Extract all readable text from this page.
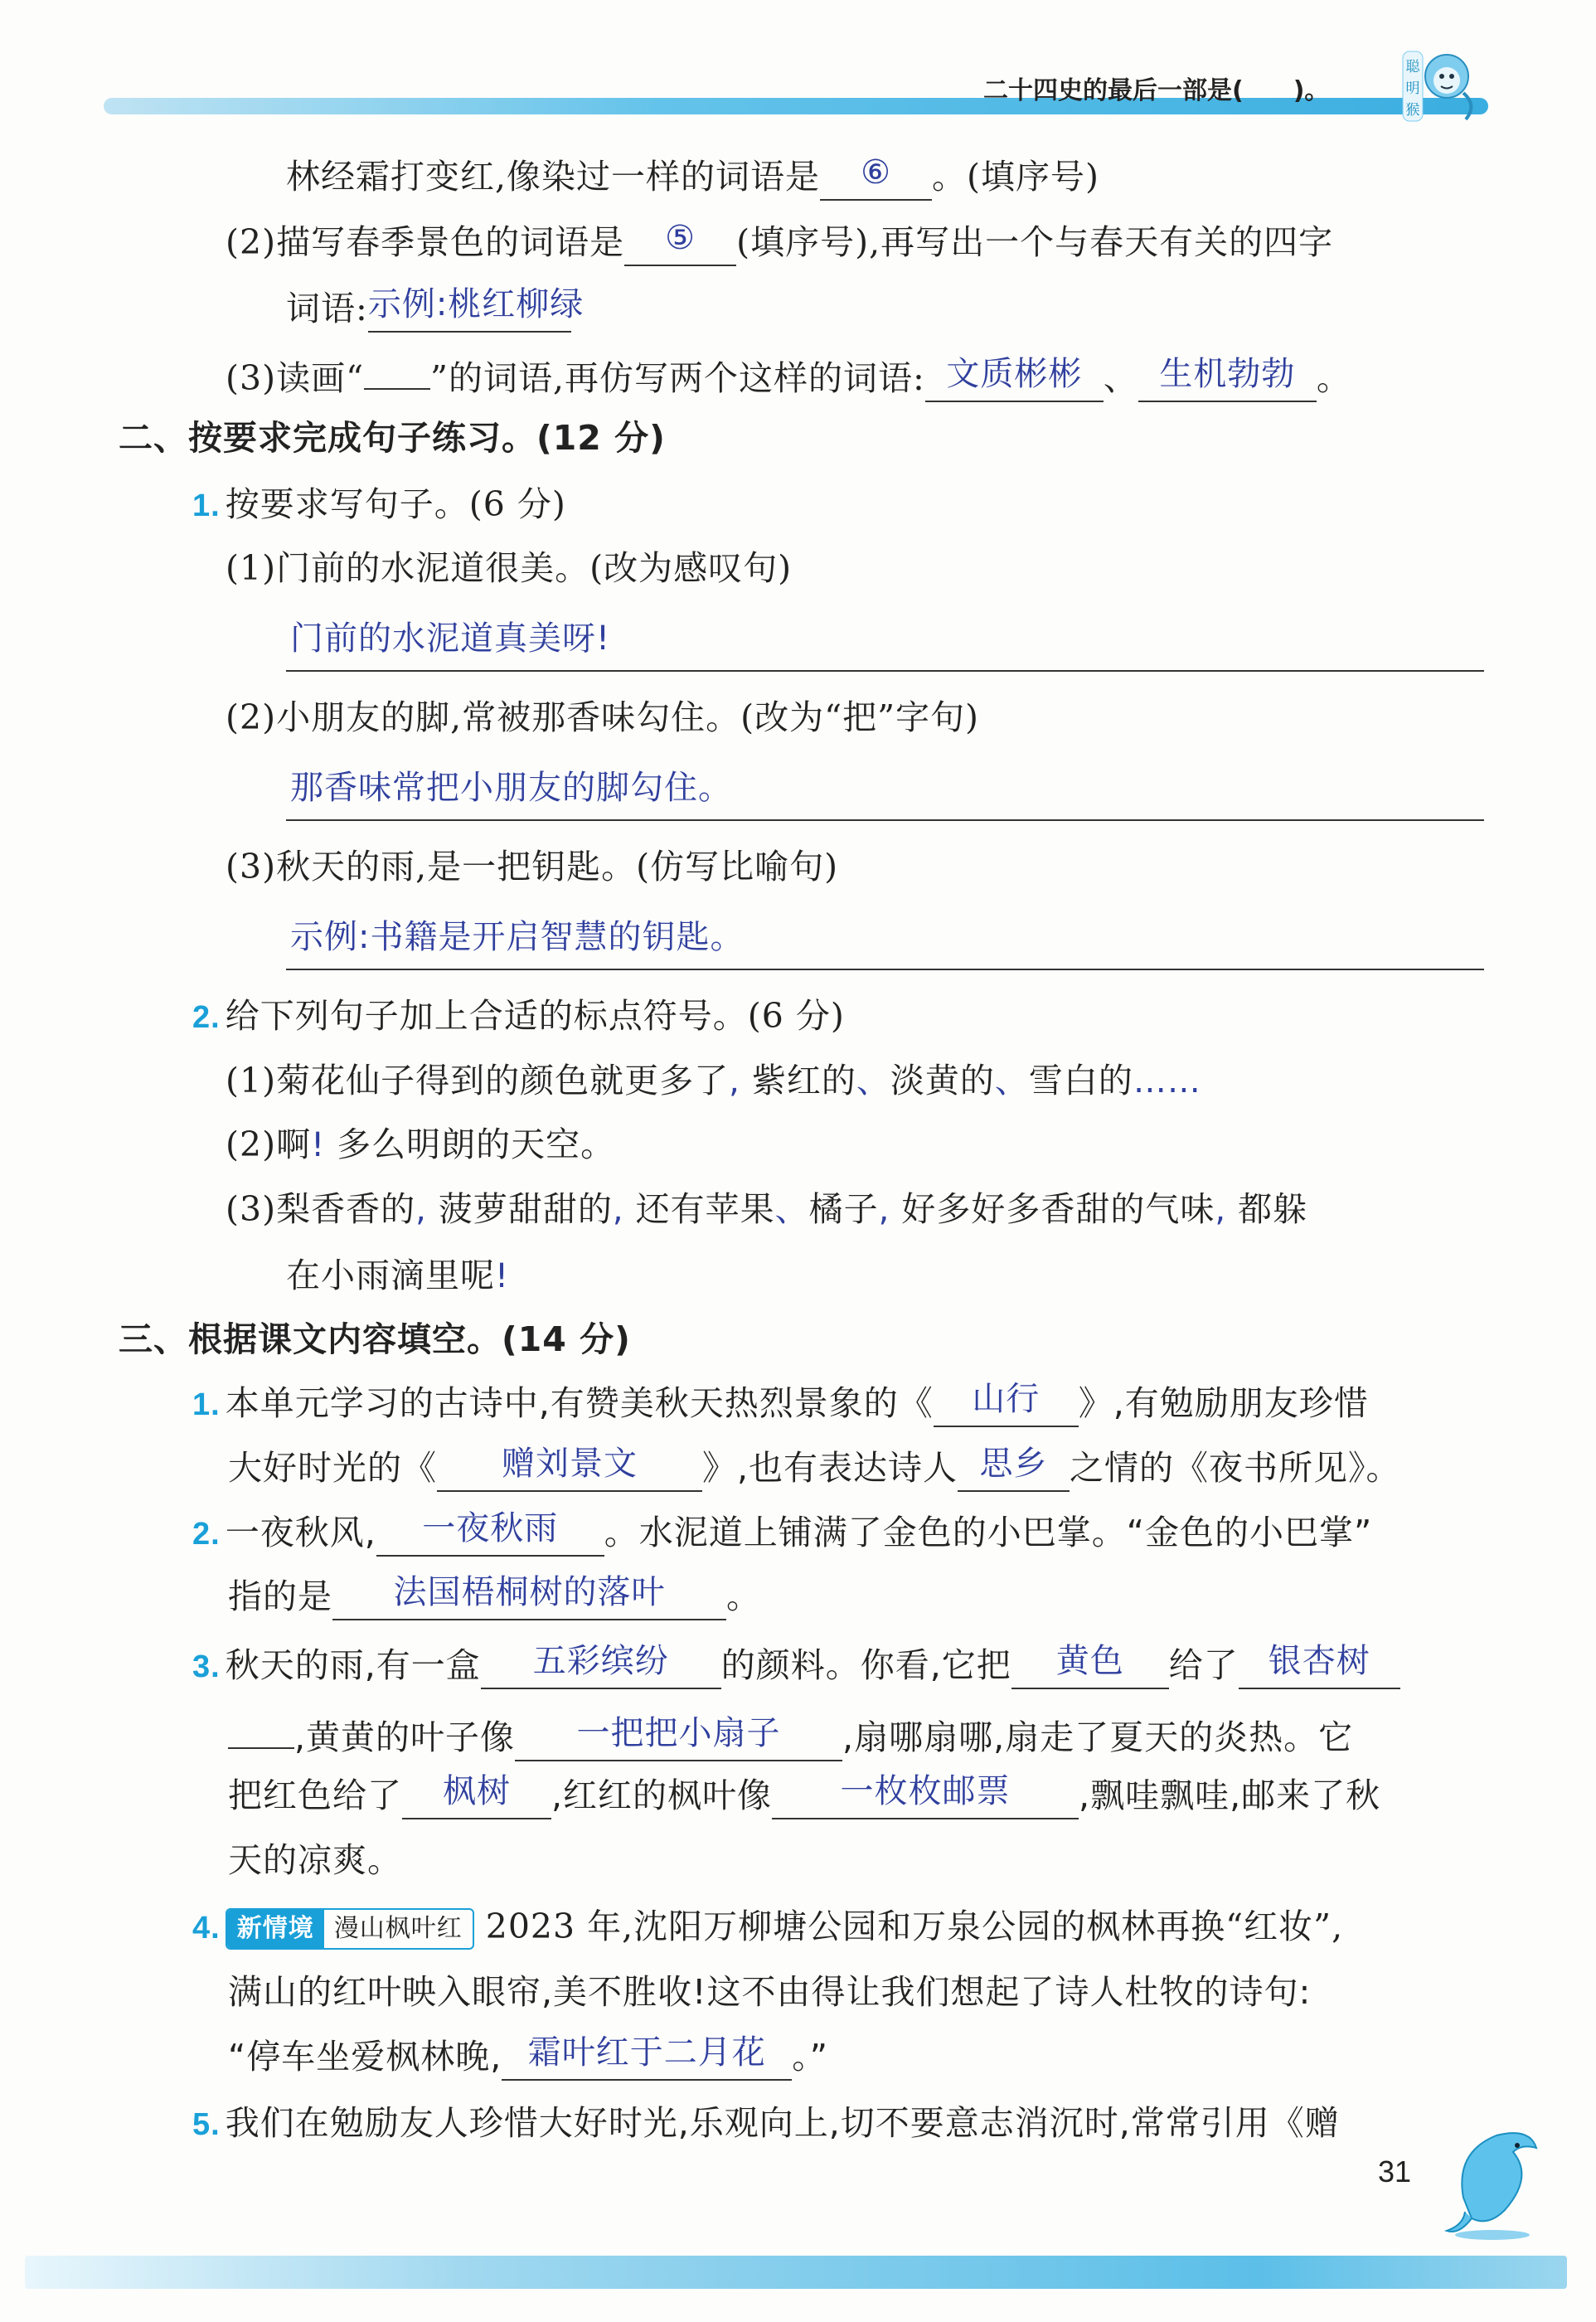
二十四史的最后一部是(　　)。
聪
明
猴
林经霜打变红,像染过一样的词语是 ⑥ 。(填序号)
(2)描写春季景色的词语是 ⑤ (填序号),再写出一个与春天有关的四字
词语:示例:桃红柳绿
(3)读画“ ”的词语,再仿写两个这样的词语: 文质彬彬 、 生机勃勃 。
二、按要求完成句子练习。(12 分)
1. 按要求写句子。(6 分)
(1)门前的水泥道很美。(改为感叹句)
门前的水泥道真美呀!
(2)小朋友的脚,常被那香味勾住。(改为“把”字句)
那香味常把小朋友的脚勾住。
(3)秋天的雨,是一把钥匙。(仿写比喻句)
示例:书籍是开启智慧的钥匙。
2. 给下列句子加上合适的标点符号。(6 分)
(1)菊花仙子得到的颜色就更多了, 紫红的、淡黄的、雪白的……
(2)啊! 多么明朗的天空。
(3)梨香香的, 菠萝甜甜的, 还有苹果、橘子, 好多好多香甜的气味, 都躲
在小雨滴里呢!
三、根据课文内容填空。(14 分)
1. 本单元学习的古诗中,有赞美秋天热烈景象的《 山行 》,有勉励朋友珍惜
大好时光的《 赠刘景文 》,也有表达诗人 思乡 之情的《夜书所见》。
2. 一夜秋风, 一夜秋雨 。水泥道上铺满了金色的小巴掌。“金色的小巴掌”
指的是 法国梧桐树的落叶 。
3. 秋天的雨,有一盒 五彩缤纷 的颜料。你看,它把 黄色 给了 银杏树
,黄黄的叶子像 一把把小扇子 ,扇哪扇哪,扇走了夏天的炎热。它
把红色给了 枫树 ,红红的枫叶像 一枚枚邮票 ,飘哇飘哇,邮来了秋
天的凉爽。
4. 新情境 漫山枫叶红 2023 年,沈阳万柳塘公园和万泉公园的枫林再换“红妆”,
满山的红叶映入眼帘,美不胜收!这不由得让我们想起了诗人杜牧的诗句:
“停车坐爱枫林晚, 霜叶红于二月花 。”
5. 我们在勉励友人珍惜大好时光,乐观向上,切不要意志消沉时,常常引用《赠
31
